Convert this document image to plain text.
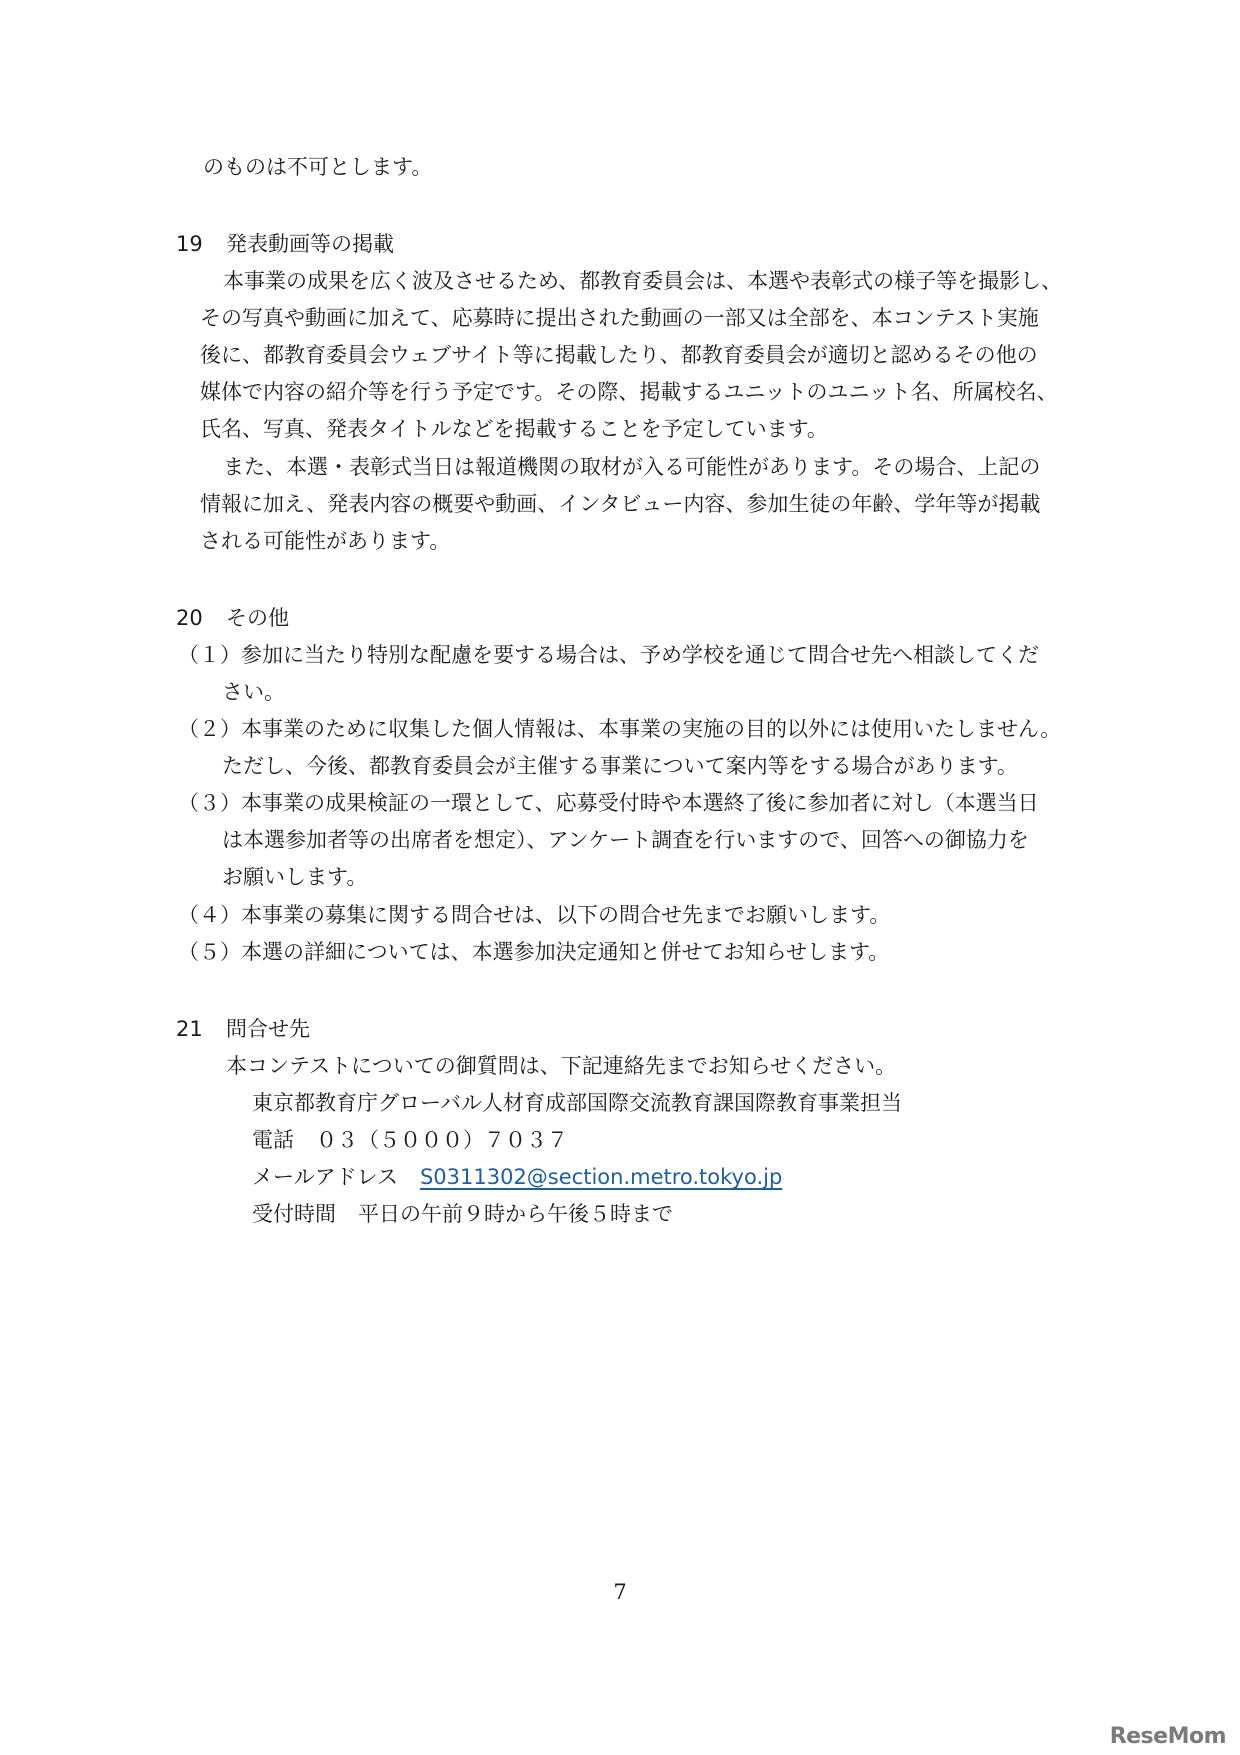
のものは不可とします。
19 発表動画等の掲載
本事業の成果を広く波及させるため、都教育委員会は、本選や表彰式の様子等を撮影し、
その写真や動画に加えて、応募時に提出された動画の一部又は全部を、本コンテスト実施
後に、都教育委員会ウェブサイト等に掲載したり、都教育委員会が適切と認めるその他の
媒体で内容の紹介等を行う予定です。その際、掲載するユニットのユニット名、所属校名、
氏名、写真、発表タイトルなどを掲載することを予定しています。
また、本選・表彰式当日は報道機関の取材が入る可能性があります。その場合、上記の
情報に加え、発表内容の概要や動画、インタビュー内容、参加生徒の年齢、学年等が掲載
される可能性があります。
20 その他
（１）参加に当たり特別な配慮を要する場合は、予め学校を通じて問合せ先へ相談してくだ
さい。
（２）本事業のために収集した個人情報は、本事業の実施の目的以外には使用いたしません。
ただし、今後、都教育委員会が主催する事業について案内等をする場合があります。
（３）本事業の成果検証の一環として、応募受付時や本選終了後に参加者に対し（本選当日
は本選参加者等の出席者を想定）、アンケート調査を行いますので、回答への御協力を
お願いします。
（４）本事業の募集に関する問合せは、以下の問合せ先までお願いします。
（５）本選の詳細については、本選参加決定通知と併せてお知らせします。
21 問合せ先
本コンテストについての御質問は、下記連絡先までお知らせください。
東京都教育庁グローバル人材育成部国際交流教育課国際教育事業担当
電話 ０３（５０００）７０３７
メールアドレス S0311302@section.metro.tokyo.jp
受付時間 平日の午前９時から午後５時まで
7
ReseMom
